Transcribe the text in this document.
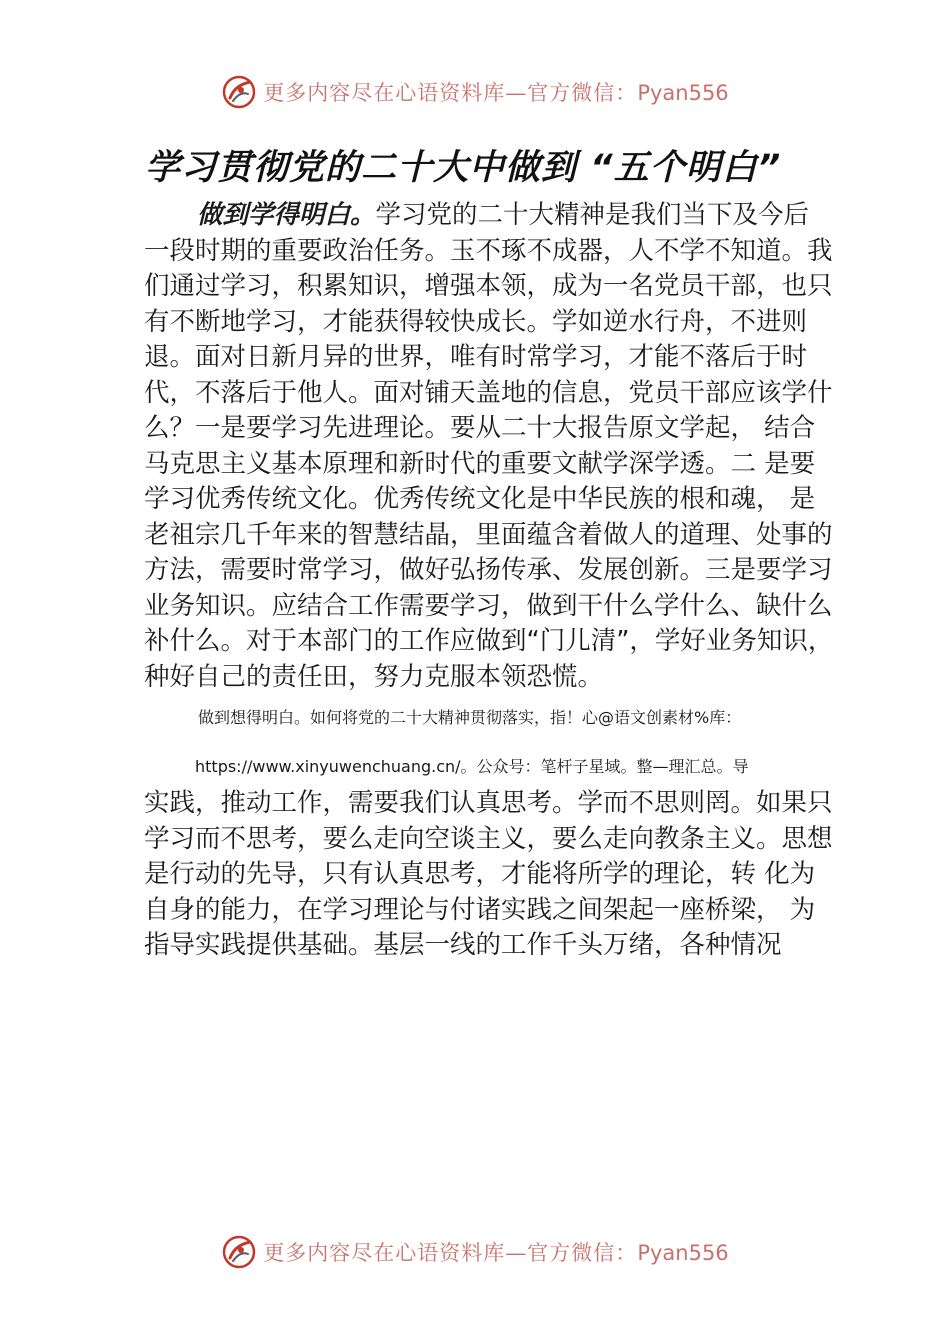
更多内容尽在心语资料库—官方微信：Pyan556
学习贯彻党的二十大中做到 “五个明白”
做到学得明白。学习党的二十大精神是我们当下及今后一段时期的重要政治任务。玉不琢不成器，人不学不知道。我们通过学习，积累知识，增强本领，成为一名党员干部，也只有不断地学习，才能获得较快成长。学如逆水行舟，不进则退。面对日新月异的世界，唯有时常学习，才能不落后于时代，不落后于他人。面对铺天盖地的信息，党员干部应该学什么？一是要学习先进理论。要从二十大报告原文学起， 结合马克思主义基本原理和新时代的重要文献学深学透。二 是要学习优秀传统文化。优秀传统文化是中华民族的根和魂， 是老祖宗几千年来的智慧结晶，里面蕴含着做人的道理、处事的方法，需要时常学习，做好弘扬传承、发展创新。三是要学习业务知识。应结合工作需要学习，做到干什么学什么、缺什么补什么。对于本部门的工作应做到“门儿清”，学好业务知识，种好自己的责任田，努力克服本领恐慌。
做到想得明白。如何将党的二十大精神贯彻落实，指！心@语文创素材%库：
https://www.xinyuwenchuang.cn/。公众号：笔杆子星域。整—理汇总。导
实践，推动工作，需要我们认真思考。学而不思则罔。如果只学习而不思考，要么走向空谈主义，要么走向教条主义。思想是行动的先导，只有认真思考，才能将所学的理论，转 化为自身的能力，在学习理论与付诸实践之间架起一座桥梁， 为指导实践提供基础。基层一线的工作千头万绪，各种情况
更多内容尽在心语资料库—官方微信：Pyan556
